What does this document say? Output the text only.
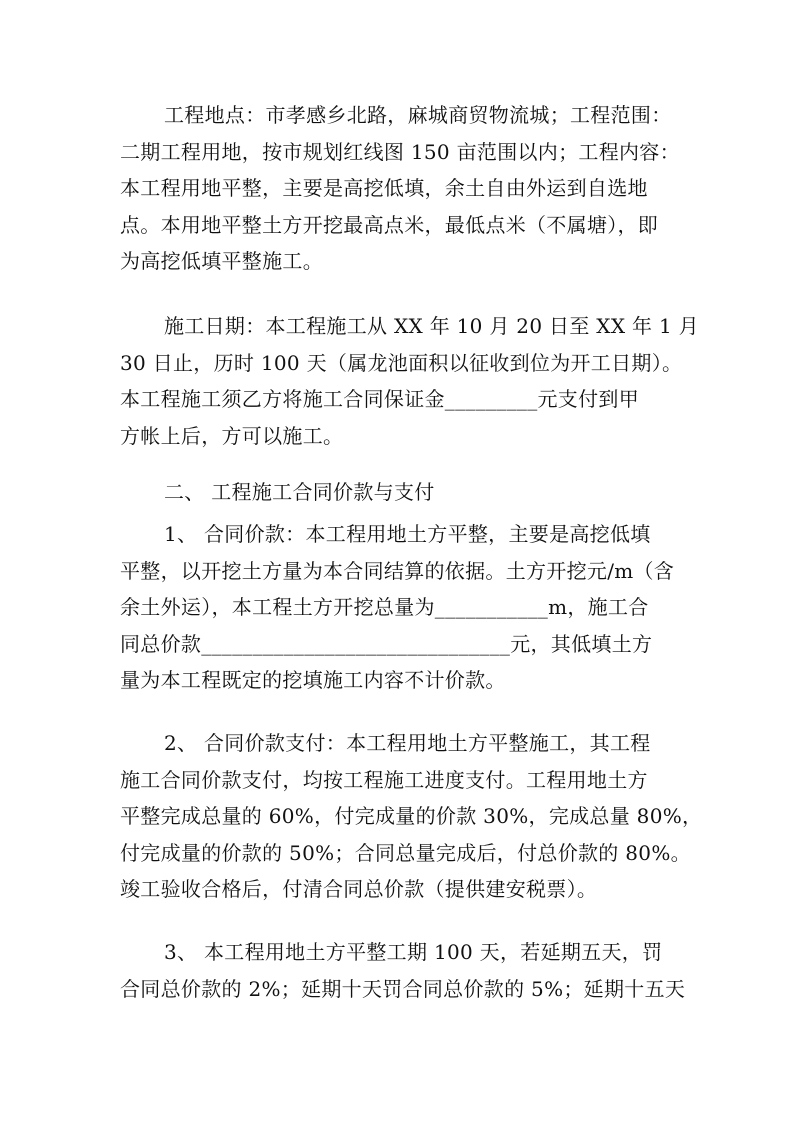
工程地点：市孝感乡北路，麻城商贸物流城；工程范围：
二期工程用地，按市规划红线图 150 亩范围以内；工程内容：
本工程用地平整，主要是高挖低填，余土自由外运到自选地
点。本用地平整土方开挖最高点米，最低点米（不属塘），即
为高挖低填平整施工。
施工日期：本工程施工从 XX 年 10 月 20 日至 XX 年 1 月
30 日止，历时 100 天（属龙池面积以征收到位为开工日期）。
本工程施工须乙方将施工合同保证金_________元支付到甲
方帐上后，方可以施工。
二、 工程施工合同价款与支付
1、 合同价款：本工程用地土方平整，主要是高挖低填
平整，以开挖土方量为本合同结算的依据。土方开挖元/m（含
余土外运），本工程土方开挖总量为___________m，施工合
同总价款______________________________元，其低填土方
量为本工程既定的挖填施工内容不计价款。
2、 合同价款支付：本工程用地土方平整施工，其工程
施工合同价款支付，均按工程施工进度支付。工程用地土方
平整完成总量的 60%，付完成量的价款 30%，完成总量 80%，
付完成量的价款的 50%；合同总量完成后，付总价款的 80%。
竣工验收合格后，付清合同总价款（提供建安税票）。
3、 本工程用地土方平整工期 100 天，若延期五天，罚
合同总价款的 2%；延期十天罚合同总价款的 5%；延期十五天
